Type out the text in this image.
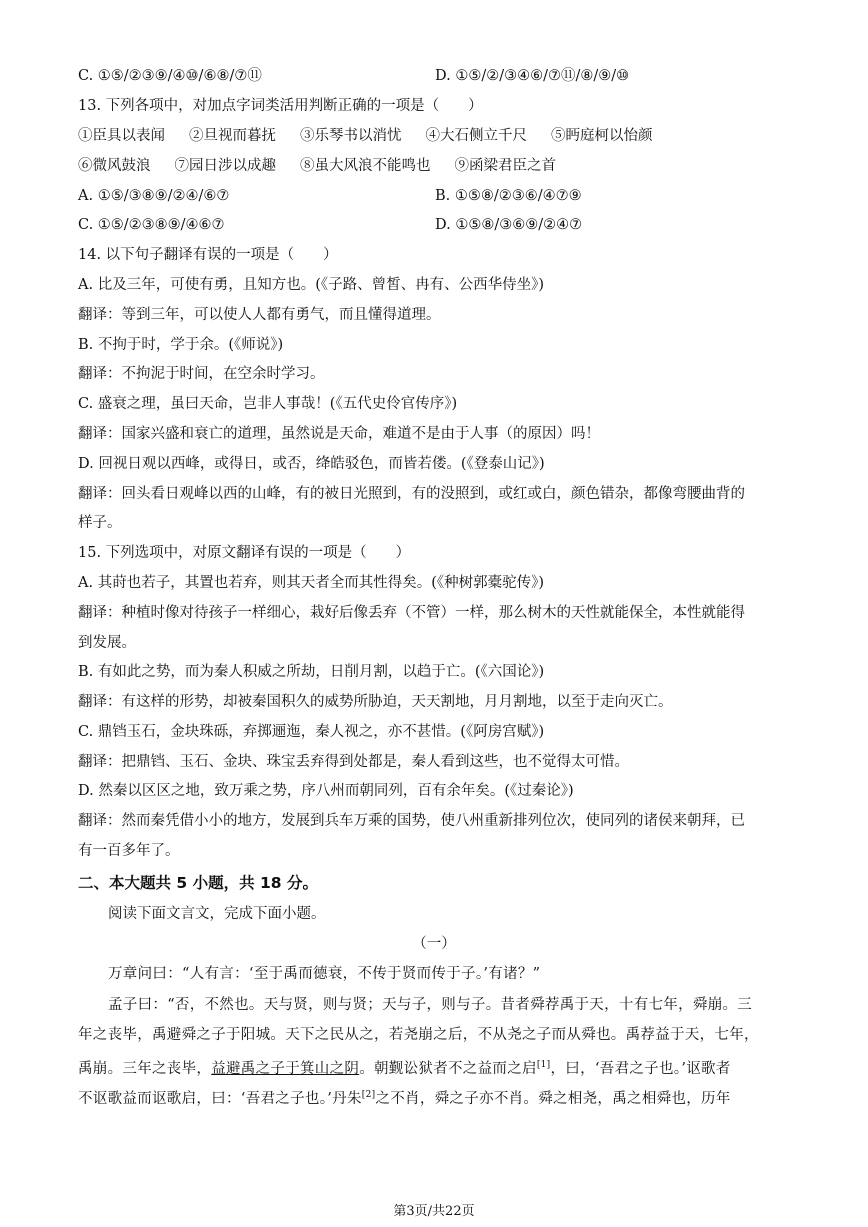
C. ①⑤/②③⑨/④⑩/⑥⑧/⑦⑪	D. ①⑤/②/③④⑥/⑦⑪/⑧/⑨/⑩
13. 下列各项中，对加点字词类活用判断正确的一项是（　　）
①臣具以表闻 ②旦视而暮抚 ③乐琴书以消忧 ④大石侧立千尺 ⑤眄庭柯以怡颜
⑥微风鼓浪 ⑦园日涉以成趣 ⑧虽大风浪不能鸣也 ⑨函梁君臣之首
A. ①⑤/③⑧⑨/②④/⑥⑦	B. ①⑤⑧/②③⑥/④⑦⑨
C. ①⑤/②③⑧⑨/④⑥⑦	D. ①⑤⑧/③⑥⑨/②④⑦
14. 以下句子翻译有误的一项是（　　）
A. 比及三年，可使有勇，且知方也。(《子路、曾皙、冉有、公西华侍坐》)
翻译：等到三年，可以使人人都有勇气，而且懂得道理。
B. 不拘于时，学于余。(《师说》)
翻译：不拘泥于时间，在空余时学习。
C. 盛衰之理，虽曰天命，岂非人事哉！(《五代史伶官传序》)
翻译：国家兴盛和衰亡的道理，虽然说是天命，难道不是由于人事（的原因）吗！
D. 回视日观以西峰，或得日，或否，绛皓驳色，而皆若偻。(《登泰山记》)
翻译：回头看日观峰以西的山峰，有的被日光照到，有的没照到，或红或白，颜色错杂，都像弯腰曲背的
样子。
15. 下列选项中，对原文翻译有误的一项是（　　）
A. 其莳也若子，其置也若弃，则其天者全而其性得矣。(《种树郭橐驼传》)
翻译：种植时像对待孩子一样细心，栽好后像丢弃（不管）一样，那么树木的天性就能保全，本性就能得
到发展。
B. 有如此之势，而为秦人积威之所劫，日削月割，以趋于亡。(《六国论》)
翻译：有这样的形势，却被秦国积久的威势所胁迫，天天割地，月月割地，以至于走向灭亡。
C. 鼎铛玉石，金块珠砾，弃掷逦迤，秦人视之，亦不甚惜。(《阿房宫赋》)
翻译：把鼎铛、玉石、金块、珠宝丢弃得到处都是，秦人看到这些，也不觉得太可惜。
D. 然秦以区区之地，致万乘之势，序八州而朝同列，百有余年矣。(《过秦论》)
翻译：然而秦凭借小小的地方，发展到兵车万乘的国势，使八州重新排列位次，使同列的诸侯来朝拜，已
有一百多年了。
二、本大题共 5 小题，共 18 分。
阅读下面文言文，完成下面小题。
（一）
万章问曰：“人有言：‘至于禹而德衰，不传于贤而传于子。’有诸？”
孟子曰：“否，不然也。天与贤，则与贤；天与子，则与子。昔者舜荐禹于天，十有七年，舜崩。三
年之丧毕，禹避舜之子于阳城。天下之民从之，若尧崩之后，不从尧之子而从舜也。禹荐益于天，七年，
禹崩。三年之丧毕，益避禹之子于箕山之阴。朝觐讼狱者不之益而之启[1]，曰，‘吾君之子也。’讴歌者
不讴歌益而讴歌启，曰：‘吾君之子也。’丹朱[2]之不肖，舜之子亦不肖。舜之相尧，禹之相舜也，历年
第3页/共22页
